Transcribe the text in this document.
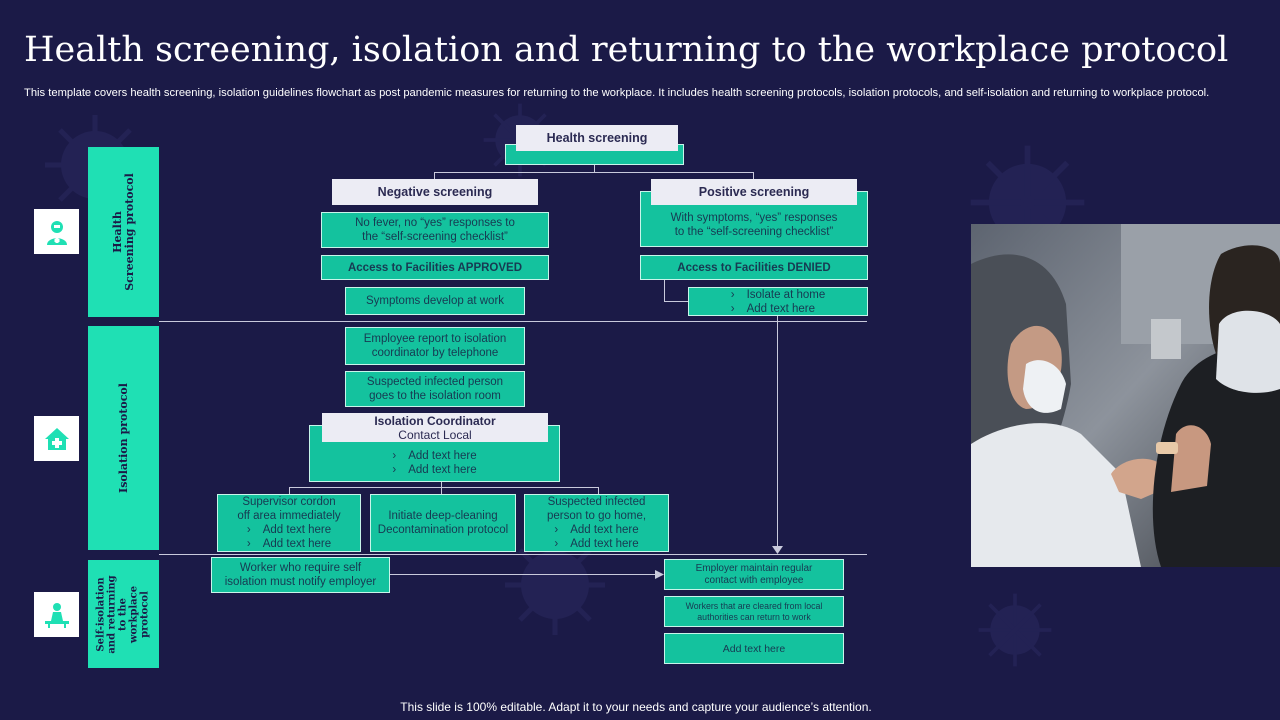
Health screening, isolation and returning to the workplace protocol
This template covers health screening, isolation guidelines flowchart as post pandemic measures for returning to the workplace. It includes health screening protocols, isolation protocols, and self-isolation and returning to workplace protocol.
Health Screening protocol
Isolation protocol
Self-isolation and returning to the workplace protocol
Health screening
Negative screening
No fever, no “yes” responses to
the “self-screening checklist”
Access to Facilities APPROVED
Symptoms develop at work
With symptoms, “yes” responses
to the “self-screening checklist”
Positive screening
Access to Facilities DENIED
› Isolate at home
› Add text here
Employee report to isolation
coordinator by telephone
Suspected infected person
goes to the isolation room
› Add text here
› Add text here
Isolation Coordinator
Contact Local
Supervisor cordon
off area immediately
› Add text here
› Add text here
Initiate deep-cleaning
Decontamination protocol
Suspected infected
person to go home,
› Add text here
› Add text here
Worker who require self
isolation must notify employer
Employer maintain regular
contact with employee
Workers that are cleared from local
authorities can return to work
Add text here
This slide is 100% editable. Adapt it to your needs and capture your audience’s attention.
